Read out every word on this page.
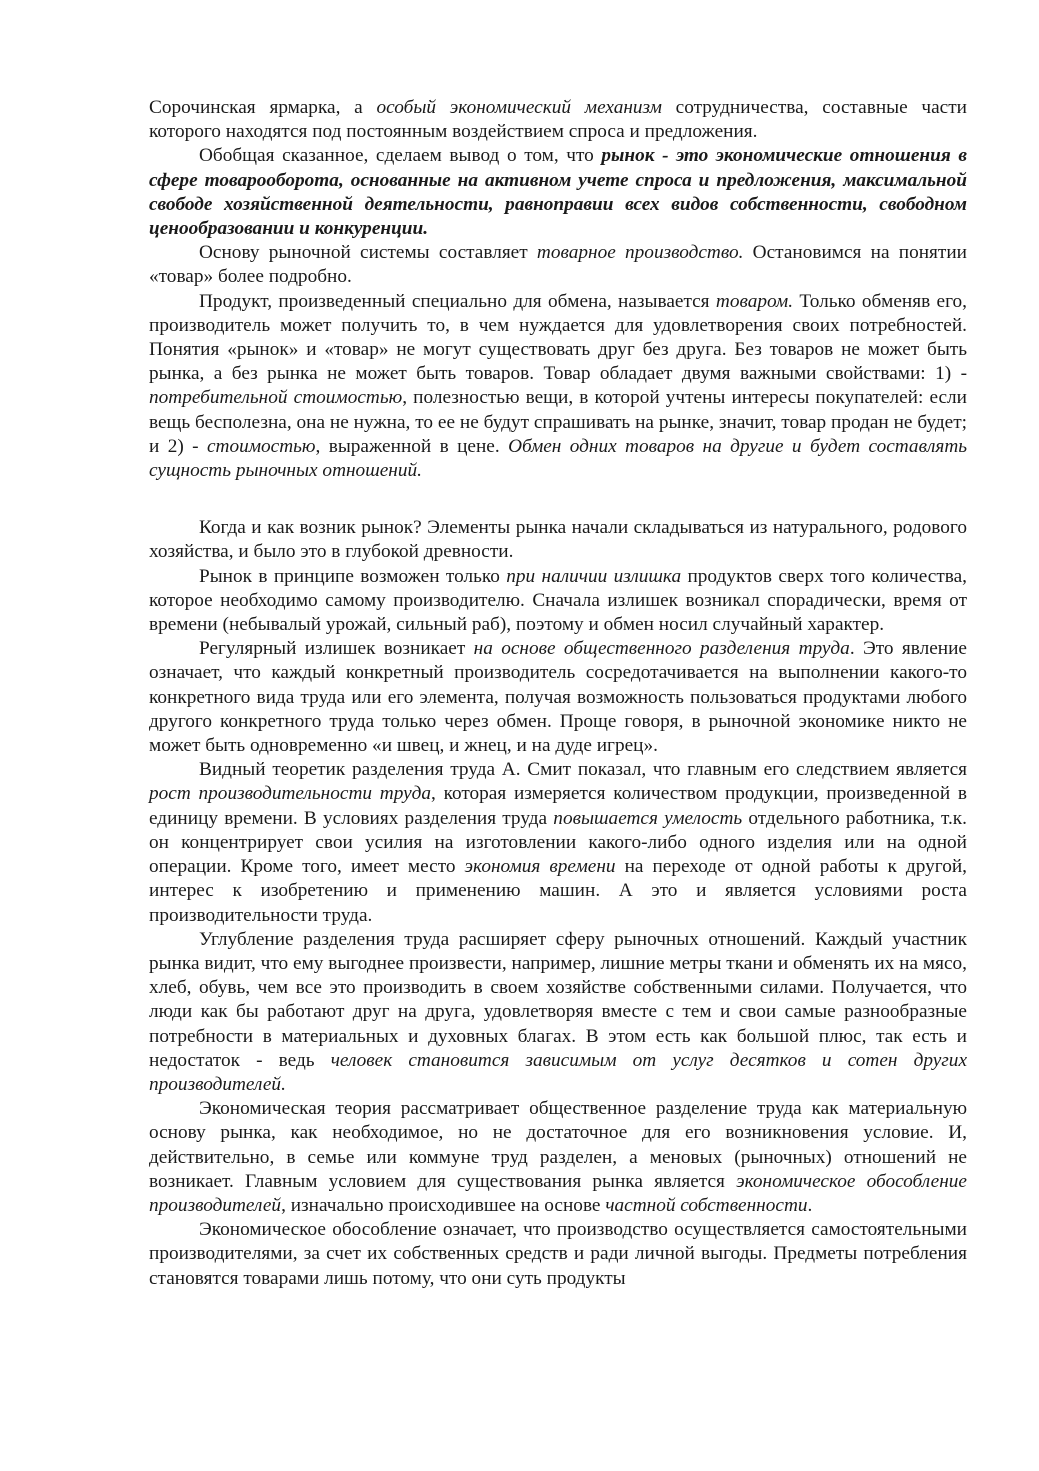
Сорочинская ярмарка, а особый экономический механизм сотрудничества, составные части которого находятся под постоянным воздействием спроса и предложения.

Обобщая сказанное, сделаем вывод о том, что рынок - это экономические отношения в сфере товарооборота, основанные на активном учете спроса и предложения, максимальной свободе хозяйственной деятельности, равноправии всех видов собственности, свободном ценообразовании и конкуренции.

Основу рыночной системы составляет товарное производство. Остановимся на понятии «товар» более подробно.

Продукт, произведенный специально для обмена, называется товаром. Только обменяв его, производитель может получить то, в чем нуждается для удовлетворения своих потребностей. Понятия «рынок» и «товар» не могут существовать друг без друга. Без товаров не может быть рынка, а без рынка не может быть товаров. Товар обладает двумя важными свойствами: 1) - потребительной стоимостью, полезностью вещи, в которой учтены интересы покупателей: если вещь бесполезна, она не нужна, то ее не будут спрашивать на рынке, значит, товар продан не будет; и 2) - стоимостью, выраженной в цене. Обмен одних товаров на другие и будет составлять сущность рыночных отношений.

Когда и как возник рынок? Элементы рынка начали складываться из натурального, родового хозяйства, и было это в глубокой древности.

Рынок в принципе возможен только при наличии излишка продуктов сверх того количества, которое необходимо самому производителю. Сначала излишек возникал спорадически, время от времени (небывалый урожай, сильный раб), поэтому и обмен носил случайный характер.

Регулярный излишек возникает на основе общественного разделения труда. Это явление означает, что каждый конкретный производитель сосредотачивается на выполнении какого-то конкретного вида труда или его элемента, получая возможность пользоваться продуктами любого другого конкретного труда только через обмен. Проще говоря, в рыночной экономике никто не может быть одновременно «и швец, и жнец, и на дуде игрец».

Видный теоретик разделения труда А. Смит показал, что главным его следствием является рост производительности труда, которая измеряется количеством продукции, произведенной в единицу времени. В условиях разделения труда повышается умелость отдельного работника, т.к. он концентрирует свои усилия на изготовлении какого-либо одного изделия или на одной операции. Кроме того, имеет место экономия времени на переходе от одной работы к другой, интерес к изобретению и применению машин. А это и является условиями роста производительности труда.

Углубление разделения труда расширяет сферу рыночных отношений. Каждый участник рынка видит, что ему выгоднее произвести, например, лишние метры ткани и обменять их на мясо, хлеб, обувь, чем все это производить в своем хозяйстве собственными силами. Получается, что люди как бы работают друг на друга, удовлетворяя вместе с тем и свои самые разнообразные потребности в материальных и духовных благах. В этом есть как большой плюс, так есть и недостаток - ведь человек становится зависимым от услуг десятков и сотен других производителей.

Экономическая теория рассматривает общественное разделение труда как материальную основу рынка, как необходимое, но не достаточное для его возникновения условие. И, действительно, в семье или коммуне труд разделен, а меновых (рыночных) отношений не возникает. Главным условием для существования рынка является экономическое обособление производителей, изначально происходившее на основе частной собственности.

Экономическое обособление означает, что производство осуществляется самостоятельными производителями, за счет их собственных средств и ради личной выгоды. Предметы потребления становятся товарами лишь потому, что они суть продукты
